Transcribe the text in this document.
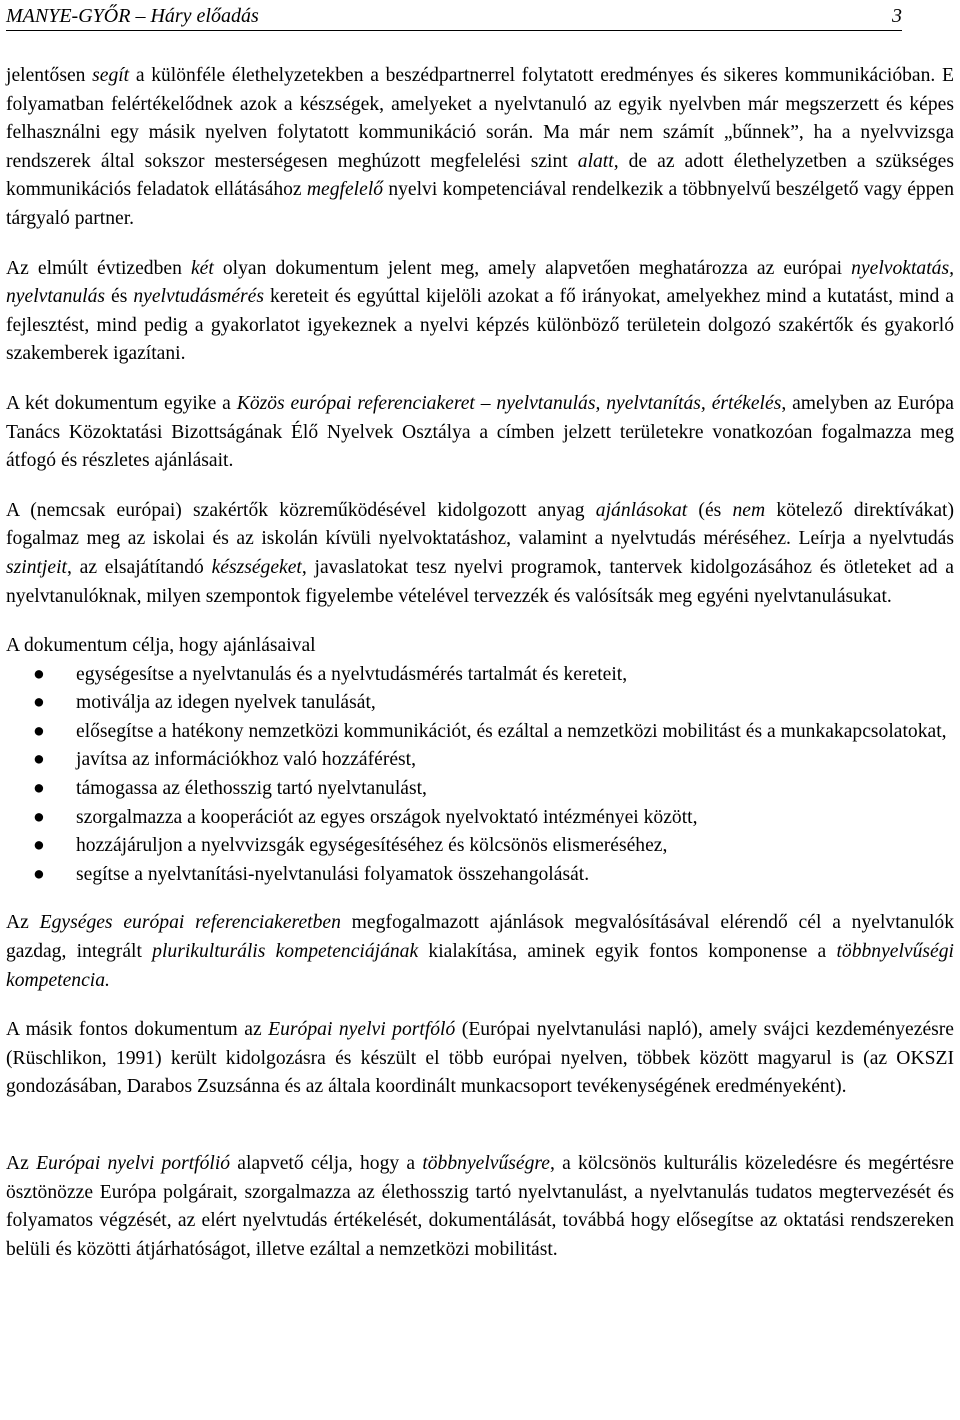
MANYE-GYŐR – Háry előadás	3

jelentősen segít a különféle élethelyzetekben a beszédpartnerrel folytatott eredményes és sikeres kommunikációban. E folyamatban felértékelődnek azok a készségek, amelyeket a nyelvtanuló az egyik nyelvben már megszerzett és képes felhasználni egy másik nyelven folytatott kommunikáció során. Ma már nem számít „bűnnek”, ha a nyelvvizsga rendszerek által sokszor mesterségesen meghúzott megfelelési szint alatt, de az adott élethelyzetben a szükséges kommunikációs feladatok ellátásához megfelelő nyelvi kompetenciával rendelkezik a többnyelvű beszélgető vagy éppen tárgyaló partner.

Az elmúlt évtizedben két olyan dokumentum jelent meg, amely alapvetően meghatározza az európai nyelvoktatás, nyelvtanulás és nyelvtudásmérés kereteit és egyúttal kijelöli azokat a fő irányokat, amelyekhez mind a kutatást, mind a fejlesztést, mind pedig a gyakorlatot igyekeznek a nyelvi képzés különböző területein dolgozó szakértők és gyakorló szakemberek igazítani.

A két dokumentum egyike a Közös európai referenciakeret – nyelvtanulás, nyelvtanítás, értékelés, amelyben az Európa Tanács Közoktatási Bizottságának Élő Nyelvek Osztálya a címben jelzett területekre vonatkozóan fogalmazza meg átfogó és részletes ajánlásait.

A (nemcsak európai) szakértők közreműködésével kidolgozott anyag ajánlásokat (és nem kötelező direktívákat) fogalmaz meg az iskolai és az iskolán kívüli nyelvoktatáshoz, valamint a nyelvtudás méréséhez. Leírja a nyelvtudás szintjeit, az elsajátítandó készségeket, javaslatokat tesz nyelvi programok, tantervek kidolgozásához és ötleteket ad a nyelvtanulóknak, milyen szempontok figyelembe vételével tervezzék és valósítsák meg egyéni nyelvtanulásukat.

A dokumentum célja, hogy ajánlásaival

● egységesítse a nyelvtanulás és a nyelvtudásmérés tartalmát és kereteit,
● motiválja az idegen nyelvek tanulását,
● elősegítse a hatékony nemzetközi kommunikációt, és ezáltal a nemzetközi mobilitást és a munkakapcsolatokat,
● javítsa az információkhoz való hozzáférést,
● támogassa az élethosszig tartó nyelvtanulást,
● szorgalmazza a kooperációt az egyes országok nyelvoktató intézményei között,
● hozzájáruljon a nyelvvizsgák egységesítéséhez és kölcsönös elismeréséhez,
● segítse a nyelvtanítási-nyelvtanulási folyamatok összehangolását.

Az Egységes európai referenciakeretben megfogalmazott ajánlások megvalósításával elérendő cél a nyelvtanulók gazdag, integrált plurikulturális kompetenciájának kialakítása, aminek egyik fontos komponense a többnyelvűségi kompetencia.

A másik fontos dokumentum az Európai nyelvi portfóló (Európai nyelvtanulási napló), amely svájci kezdeményezésre (Rüschlikon, 1991) került kidolgozásra és készült el több európai nyelven, többek között magyarul is (az OKSZI gondozásában, Darabos Zsuzsánna és az általa koordinált munkacsoport tevékenységének eredményeként).

Az Európai nyelvi portfólió alapvető célja, hogy a többnyelvűségre, a kölcsönös kulturális közeledésre és megértésre ösztönözze Európa polgárait, szorgalmazza az élethosszig tartó nyelvtanulást, a nyelvtanulás tudatos megtervezését és folyamatos végzését, az elért nyelvtudás értékelését, dokumentálását, továbbá hogy elősegítse az oktatási rendszereken belüli és közötti átjárhatóságot, illetve ezáltal a nemzetközi mobilitást.
